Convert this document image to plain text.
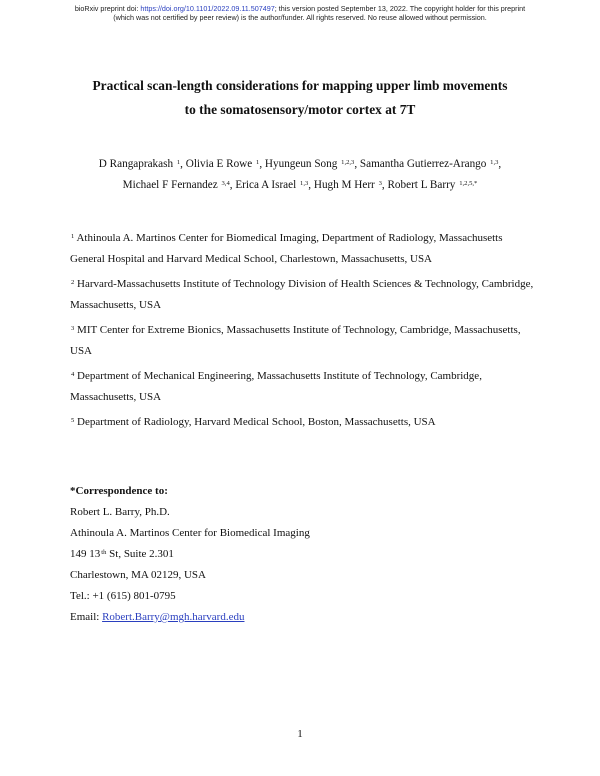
bioRxiv preprint doi: https://doi.org/10.1101/2022.09.11.507497; this version posted September 13, 2022. The copyright holder for this preprint
(which was not certified by peer review) is the author/funder. All rights reserved. No reuse allowed without permission.
Practical scan-length considerations for mapping upper limb movements
to the somatosensory/motor cortex at 7T
D Rangaprakash $^1$, Olivia E Rowe $^1$, Hyungeun Song $^{1,2,3}$, Samantha Gutierrez-Arango $^{1,3}$,
Michael F Fernandez $^{3,4}$, Erica A Israel $^{1,3}$, Hugh M Herr $^3$, Robert L Barry $^{1,2,5,*}$
$^1$ Athinoula A. Martinos Center for Biomedical Imaging, Department of Radiology, Massachusetts General Hospital and Harvard Medical School, Charlestown, Massachusetts, USA
$^2$ Harvard-Massachusetts Institute of Technology Division of Health Sciences & Technology, Cambridge, Massachusetts, USA
$^3$ MIT Center for Extreme Bionics, Massachusetts Institute of Technology, Cambridge, Massachusetts, USA
$^4$ Department of Mechanical Engineering, Massachusetts Institute of Technology, Cambridge, Massachusetts, USA
$^5$ Department of Radiology, Harvard Medical School, Boston, Massachusetts, USA
*Correspondence to:
Robert L. Barry, Ph.D.
Athinoula A. Martinos Center for Biomedical Imaging
149 13th St, Suite 2.301
Charlestown, MA 02129, USA
Tel.: +1 (615) 801-0795
Email: Robert.Barry@mgh.harvard.edu
1
